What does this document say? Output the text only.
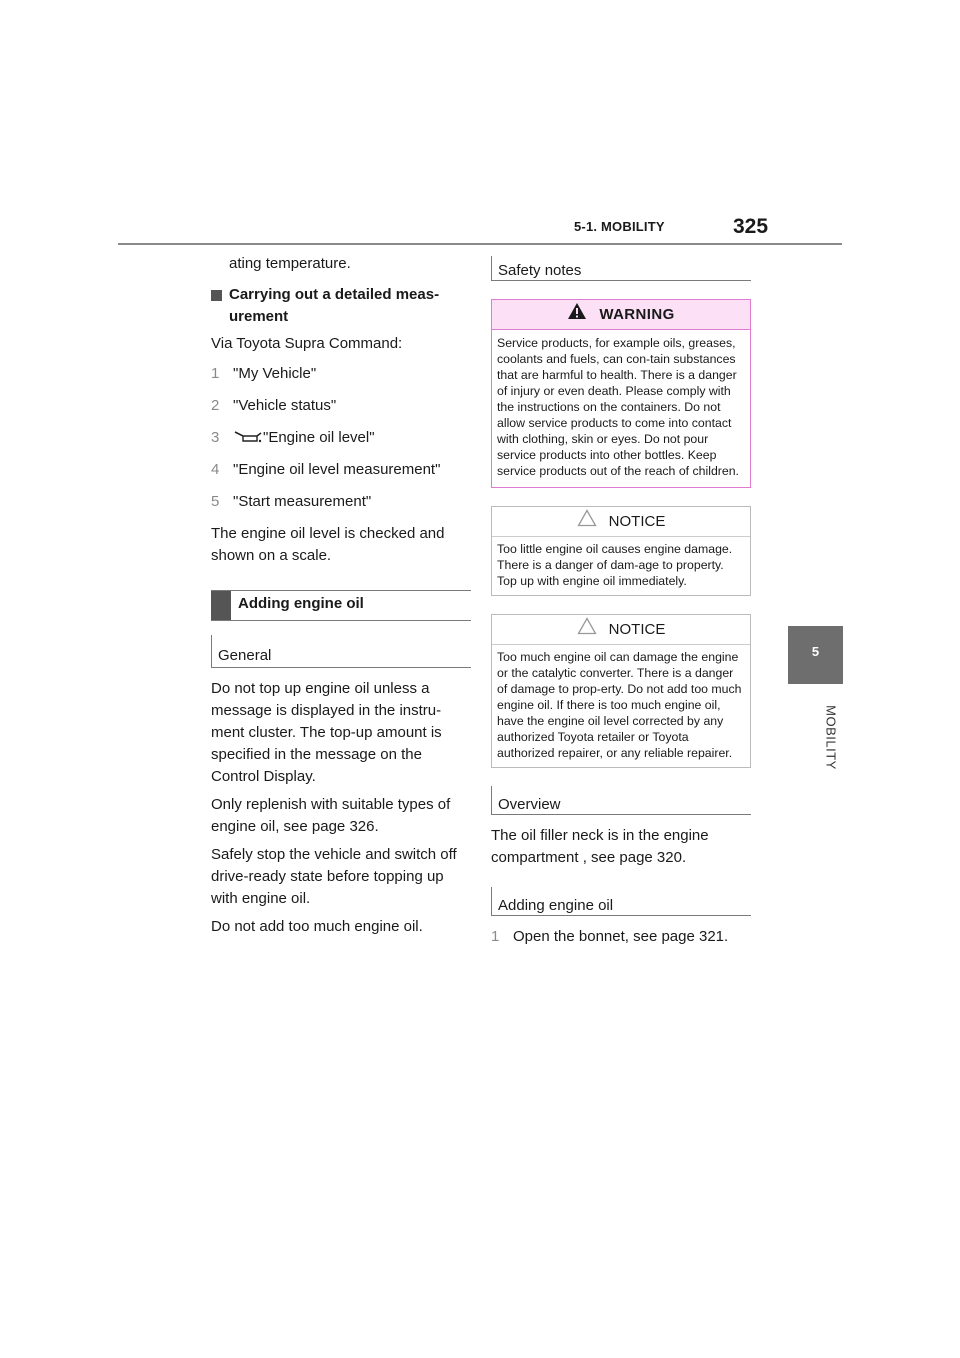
5-1. MOBILITY	325
5
MOBILITY

ating temperature.

Carrying out a detailed meas-urement

Via Toyota Supra Command:

1 "My Vehicle"
2 "Vehicle status"
3	"Engine oil level"
4 "Engine oil level measurement"
5 "Start measurement"

The engine oil level is checked and shown on a scale.

Adding engine oil
General

Do not top up engine oil unless a message is displayed in the instru-ment cluster. The top-up amount is specified in the message on the Control Display.

Only replenish with suitable types of engine oil, see page 326.

Safely stop the vehicle and switch off drive-ready state before topping up with engine oil.

Do not add too much engine oil.

Safety notes
WARNING
Service products, for example oils, greases, coolants and fuels, can con-tain substances that are harmful to health. There is a danger of injury or even death. Please comply with the instructions on the containers. Do not allow service products to come into contact with clothing, skin or eyes. Do not pour service products into other bottles. Keep service products out of the reach of children.
NOTICE
Too little engine oil causes engine damage. There is a danger of dam-age to property. Top up with engine oil immediately.
NOTICE
Too much engine oil can damage the engine or the catalytic converter. There is a danger of damage to prop-erty. Do not add too much engine oil. If there is too much engine oil, have the engine oil level corrected by any authorized Toyota retailer or Toyota authorized repairer, or any reliable repairer.
Overview

The oil filler neck is in the engine compartment , see page 320.

Adding engine oil
1 Open the bonnet, see page 321.
